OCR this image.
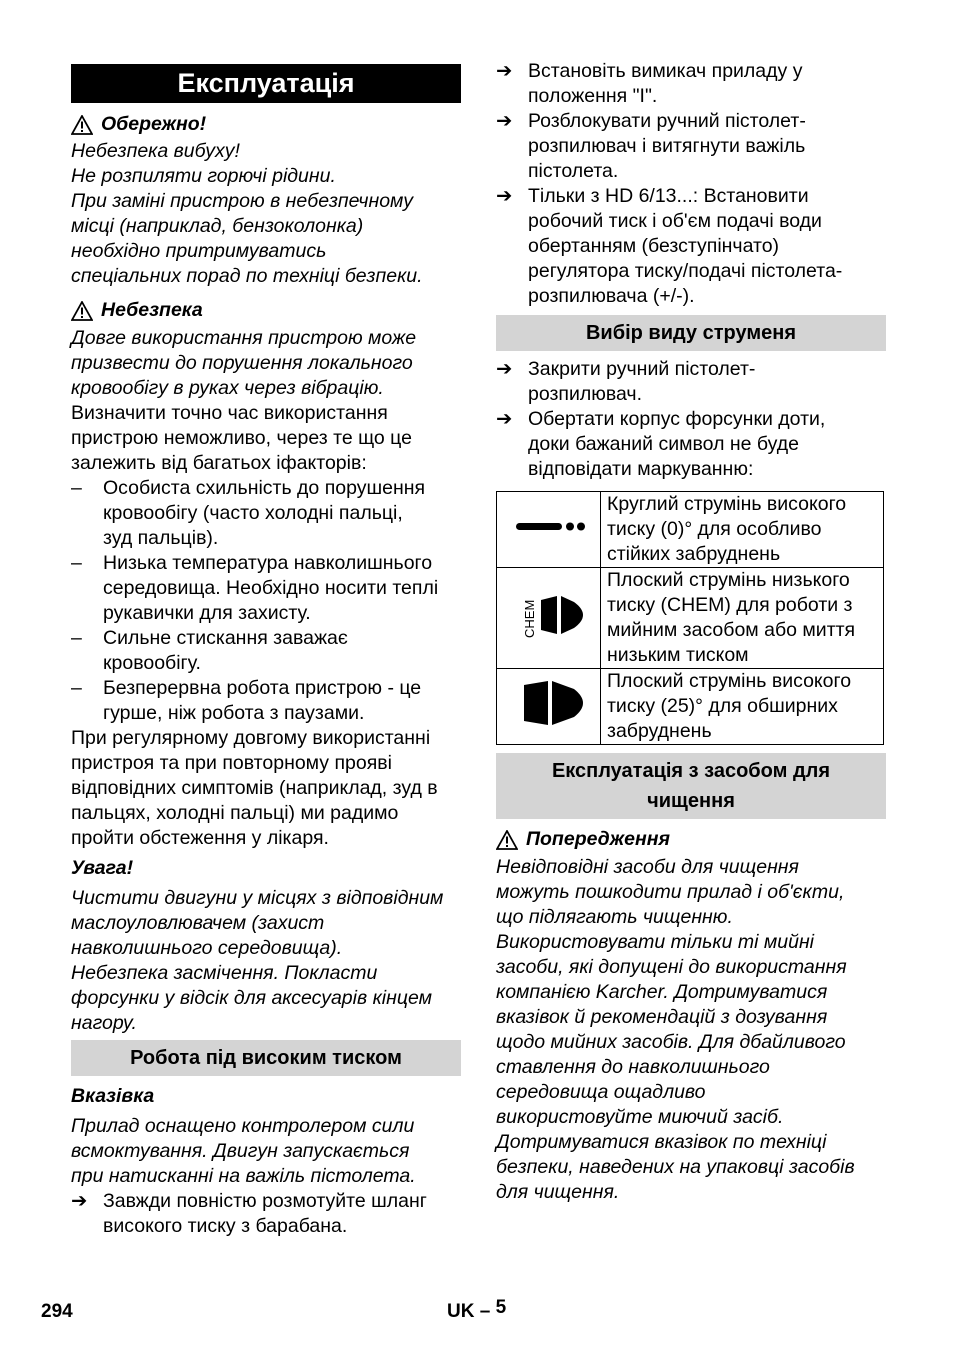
Експлуатація
Обережно!
Небезпека вибуху!
Не розпиляти горючі рідини.
При заміні пристрою в небезпечному
місці (наприклад, бензоколонка)
необхідно притримуватись
спеціальних порад по техніці безпеки.
Небезпека
Довге використання пристрою може
призвести до порушення локального
кровообігу в руках через вібрацію.
Визначити точно час використання
пристрою неможливо, через те що це
залежить від багатьох іфакторів:
–	Особиста схильність до порушення
кровообігу (часто холодні пальці,
зуд пальців).
–	Низька температура навколишнього
середовища. Необхідно носити теплі
рукавички для захисту.
–	Сильне стискання заважає
кровообігу.
–	Безперервна робота пристрою - це
гурше, ніж робота з паузами.
При регулярному довгому використанні
пристроя та при повторному прояві
відповідних симптомів (наприклад, зуд в
пальцях, холодні пальці) ми радимо
пройти обстеження у лікаря.
Увага!
Чистити двигуни у місцях з відповідним
маслоуловлювачем (захист
навколишнього середовища).
Небезпека засмічення. Покласти
форсунки у відсік для аксесуарів кінцем
нагору.
Робота під високим тиском
Вказівка
Прилад оснащено контролером сили
всмоктування. Двигун запускається
при натисканні на важіль пістолета.
➔ Завжди повністю розмотуйте шланг
високого тиску з барабана.
➔ Встановіть вимикач приладу у
положення "I".
➔ Розблокувати ручний пістолет-
розпилювач і витягнути важіль
пістолета.
➔ Тільки з HD 6/13...: Встановити
робочий тиск і об'єм подачі води
обертанням (безступінчато)
регулятора тиску/подачі пістолета-
розпилювача (+/-).
Вибір виду струменя
➔ Закрити ручний пістолет-
розпилювач.
➔ Обертати корпус форсунки доти,
доки бажаний символ не буде
відповідати маркуванню:

Круглий струмінь високого
тиску (0)° для особливо
стійких забруднень

CHEM	Плоский струмінь низького
тиску (CHEM) для роботи з
мийним засобом або миття
низьким тиском

Плоский струмінь високого
тиску (25)° для обширних
забруднень
Експлуатація з засобом для
чищення
Попередження
Невідповідні засоби для чищення
можуть пошкодити прилад і об'єкти,
що підлягають чищенню.
Використовувати тільки ті мийні
засоби, які допущені до використання
компанією Karcher. Дотримуватися
вказівок й рекомендацій з дозування
щодо мийних засобів. Для дбайливого
ставлення до навколишнього
середовища ощадливо
використовуйте миючий засіб.
Дотримуватися вказівок по техніці
безпеки, наведених на упаковці засобів
для чищення.
294	UK – 5
